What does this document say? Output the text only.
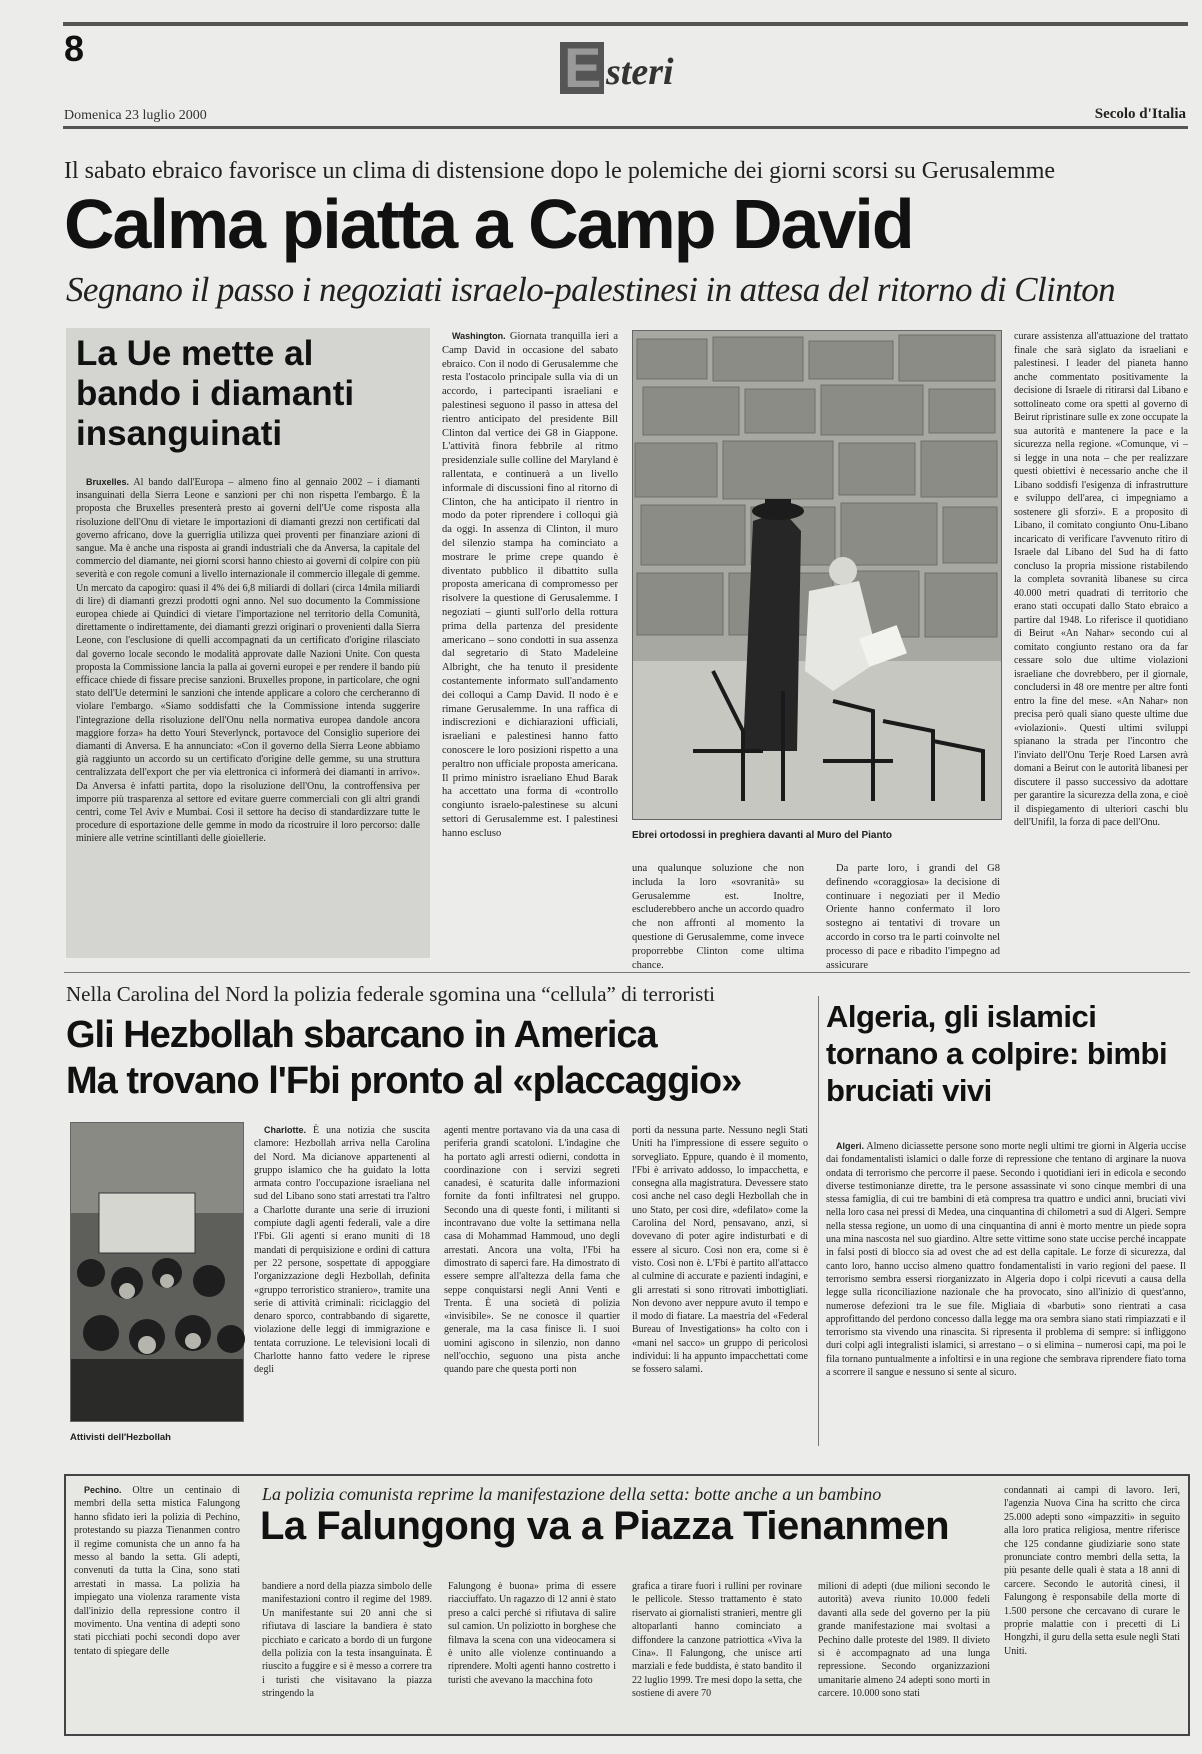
8	E steri
Domenica 23 luglio 2000	Secolo d'Italia
Il sabato ebraico favorisce un clima di distensione dopo le polemiche dei giorni scorsi su Gerusalemme
Calma piatta a Camp David
Segnano il passo i negoziati israelo-palestinesi in attesa del ritorno di Clinton
La Ue mette al bando i diamanti insanguinati

Bruxelles. Al bando dall'Europa – almeno fino al gennaio 2002 – i diamanti insanguinati della Sierra Leone e sanzioni per chi non rispetta l'embargo. È la proposta che Bruxelles presenterà presto ai governi dell'Ue come risposta alla risoluzione dell'Onu di vietare le importazioni di diamanti grezzi non certificati dal governo africano, dove la guerriglia utilizza quei proventi per finanziare azioni di sangue. Ma è anche una risposta ai grandi industriali che da Anversa, la capitale del commercio del diamante, nei giorni scorsi hanno chiesto ai governi di colpire con più severità e con regole comuni a livello internazionale il commercio illegale di gemme. Un mercato da capogiro: quasi il 4% dei 6,8 miliardi di dollari (circa 14mila miliardi di lire) di diamanti grezzi prodotti ogni anno. Nel suo documento la Commissione europea chiede ai Quindici di vietare l'importazione nel territorio della Comunità, direttamente o indirettamente, dei diamanti grezzi originari o provenienti dalla Sierra Leone, con l'esclusione di quelli accompagnati da un certificato d'origine rilasciato dal governo locale secondo le modalità approvate dalle Nazioni Unite. Con questa proposta la Commissione lancia la palla ai governi europei e per rendere il bando più efficace chiede di fissare precise sanzioni. Bruxelles propone, in particolare, che ogni stato dell'Ue determini le sanzioni che intende applicare a coloro che cercheranno di violare l'embargo. «Siamo soddisfatti che la Commissione intenda suggerire l'integrazione della risoluzione dell'Onu nella normativa europea dandole ancora maggiore forza» ha detto Youri Steverlynck, portavoce del Consiglio superiore dei diamanti di Anversa. E ha annunciato: «Con il governo della Sierra Leone abbiamo già raggiunto un accordo su un certificato d'origine delle gemme, su una struttura centralizzata dell'export che per via elettronica ci informerà dei diamanti in arrivo». Da Anversa è infatti partita, dopo la risoluzione dell'Onu, la controffensiva per imporre più trasparenza al settore ed evitare guerre commerciali con gli altri grandi centri, come Tel Aviv e Mumbai. Così il settore ha deciso di standardizzare tutte le procedure di esportazione delle gemme in modo da ricostruire il loro percorso: dalle miniere alle vetrine scintillanti delle gioiellerie.

Washington. Giornata tranquilla ieri a Camp David in occasione del sabato ebraico. Con il nodo di Gerusalemme che resta l'ostacolo principale sulla via di un accordo, i partecipanti israeliani e palestinesi seguono il passo in attesa del rientro anticipato del presidente Bill Clinton dal vertice dei G8 in Giappone. L'attività finora febbrile al ritmo presidenziale sulle colline del Maryland è rallentata, e continuerà a un livello informale di discussioni fino al ritorno di Clinton, che ha anticipato il rientro in modo da poter riprendere i colloqui già da oggi. In assenza di Clinton, il muro del silenzio stampa ha cominciato a mostrare le prime crepe quando è diventato pubblico il dibattito sulla proposta americana di compromesso per risolvere la questione di Gerusalemme. I negoziati – giunti sull'orlo della rottura prima della partenza del presidente americano – sono condotti in sua assenza dal segretario di Stato Madeleine Albright, che ha tenuto il presidente costantemente informato sull'andamento dei colloqui a Camp David. Il nodo è e rimane Gerusalemme. In una raffica di indiscrezioni e dichiarazioni ufficiali, israeliani e palestinesi hanno fatto conoscere le loro posizioni rispetto a una peraltro non ufficiale proposta americana. Il primo ministro israeliano Ehud Barak ha accettato una forma di «controllo congiunto israelo-palestinese su alcuni settori di Gerusalemme est. I palestinesi hanno escluso	Ebrei ortodossi in preghiera davanti al Muro del Pianto

una qualunque soluzione che non includa la loro «sovranità» su Gerusalemme est. Inoltre, escluderebbero anche un accordo quadro che non affronti al momento la questione di Gerusalemme, come invece proporrebbe Clinton come ultima chance.

Da parte loro, i grandi del G8 definendo «coraggiosa» la decisione di continuare i negoziati per il Medio Oriente hanno confermato il loro sostegno ai tentativi di trovare un accordo in corso tra le parti coinvolte nel processo di pace e ribadito l'impegno ad assicurare

curare assistenza all'attuazione del trattato finale che sarà siglato da israeliani e palestinesi. I leader del pianeta hanno anche commentato positivamente la decisione di Israele di ritirarsi dal Libano e sottolineato come ora spetti al governo di Beirut ripristinare sulle ex zone occupate la sua autorità e mantenere la pace e la sicurezza nella regione. «Comunque, vi – si legge in una nota – che per realizzare questi obiettivi è necessario anche che il Libano soddisfi l'esigenza di infrastrutture e sviluppo dell'area, ci impegniamo a sostenere gli sforzi». E a proposito di Libano, il comitato congiunto Onu-Libano incaricato di verificare l'avvenuto ritiro di Israele dal Libano del Sud ha di fatto concluso la propria missione ristabilendo la completa sovranità libanese su circa 40.000 metri quadrati di territorio che erano stati occupati dallo Stato ebraico a partire dal 1948. Lo riferisce il quotidiano di Beirut «An Nahar» secondo cui al comitato congiunto restano ora da far cessare solo due ultime violazioni israeliane che dovrebbero, per il giornale, concludersi in 48 ore mentre per altre fonti entro la fine del mese. «An Nahar» non precisa però quali siano queste ultime due «violazioni». Questi ultimi sviluppi spianano la strada per l'incontro che l'inviato dell'Onu Terje Roed Larsen avrà domani a Beirut con le autorità libanesi per discutere il passo successivo da adottare per garantire la sicurezza della zona, e cioè il dispiegamento di ulteriori caschi blu dell'Unifil, la forza di pace dell'Onu.

Nella Carolina del Nord la polizia federale sgomina una “cellula” di terroristi
Gli Hezbollah sbarcano in America
Ma trovano l'Fbi pronto al «placcaggio»
Attivisti dell'Hezbollah

Charlotte. È una notizia che suscita clamore: Hezbollah arriva nella Carolina del Nord. Ma dicianove appartenenti al gruppo islamico che ha guidato la lotta armata contro l'occupazione israeliana nel sud del Libano sono stati arrestati tra l'altro a Charlotte durante una serie di irruzioni compiute dagli agenti federali, vale a dire l'Fbi. Gli agenti si erano muniti di 18 mandati di perquisizione e ordini di cattura per 22 persone, sospettate di appoggiare l'organizzazione degli Hezbollah, definita «gruppo terroristico straniero», tramite una serie di attività criminali: riciclaggio del denaro sporco, contrabbando di sigarette, violazione delle leggi di immigrazione e tentata corruzione. Le televisioni locali di Charlotte hanno fatto vedere le riprese degli

agenti mentre portavano via da una casa di periferia grandi scatoloni. L'indagine che ha portato agli arresti odierni, condotta in coordinazione con i servizi segreti canadesi, è scaturita dalle informazioni fornite da fonti infiltratesi nel gruppo. Secondo una di queste fonti, i militanti si incontravano due volte la settimana nella casa di Mohammad Hammoud, uno degli arrestati. Ancora una volta, l'Fbi ha dimostrato di saperci fare. Ha dimostrato di essere sempre all'altezza della fama che seppe conquistarsi negli Anni Venti e Trenta. È una società di polizia «invisibile». Se ne conosce il quartier generale, ma la casa finisce lì. I suoi uomini agiscono in silenzio, non danno nell'occhio, seguono una pista anche quando pare che questa porti non

porti da nessuna parte. Nessuno negli Stati Uniti ha l'impressione di essere seguito o sorvegliato. Eppure, quando è il momento, l'Fbi è arrivato addosso, lo impacchetta, e consegna alla magistratura. Devessere stato così anche nel caso degli Hezbollah che in uno Stato, per così dire, «defilato» come la Carolina del Nord, pensavano, anzi, si dovevano di poter agire indisturbati e di essere al sicuro. Così non era, come si è visto. Così non è. L'Fbi è partito all'attacco al culmine di accurate e pazienti indagini, e gli arrestati si sono ritrovati imbottigliati. Non devono aver neppure avuto il tempo e il modo di fiatare. La maestria del «Federal Bureau of Investigations» ha colto con i «mani nel sacco» un gruppo di pericolosi individui: li ha appunto impacchettati come se fossero salami.

Algeria, gli islamici tornano a colpire: bimbi bruciati vivi

Algeri. Almeno diciassette persone sono morte negli ultimi tre giorni in Algeria uccise dai fondamentalisti islamici o dalle forze di repressione che tentano di arginare la nuova ondata di terrorismo che percorre il paese. Secondo i quotidiani ieri in edicola e secondo diverse testimonianze dirette, tra le persone assassinate vi sono cinque membri di una stessa famiglia, di cui tre bambini di età compresa tra quattro e undici anni, bruciati vivi nella loro casa nei pressi di Medea, una cinquantina di chilometri a sud di Algeri. Sempre nella stessa regione, un uomo di una cinquantina di anni è morto mentre un piede sopra una mina nascosta nel suo giardino. Altre sette vittime sono state uccise perché incappate in falsi posti di blocco sia ad ovest che ad est della capitale. Le forze di sicurezza, dal canto loro, hanno ucciso almeno quattro fondamentalisti in vario regioni del paese. Il terrorismo sembra essersi riorganizzato in Algeria dopo i colpi ricevuti a causa della legge sulla riconciliazione nazionale che ha provocato, sino all'inizio di quest'anno, numerose defezioni tra le sue file. Migliaia di «barbuti» sono rientrati a casa approfittando del perdono concesso dalla legge ma ora sembra siano stati rimpiazzati e il terrorismo sta vivendo una rinascita. Si ripresenta il problema di sempre: si infliggono duri colpi agli integralisti islamici, si arrestano – o si elimina – numerosi capi, ma poi le fila tornano puntualmente a infoltirsi e in una regione che sembrava riprendere fiato torna a scorrere il sangue e nessuno si sente al sicuro.

Pechino. Oltre un centinaio di membri della setta mistica Falungong hanno sfidato ieri la polizia di Pechino, protestando su piazza Tienanmen contro il regime comunista che un anno fa ha messo al bando la setta. Gli adepti, convenuti da tutta la Cina, sono stati arrestati in massa. La polizia ha impiegato una violenza raramente vista dall'inizio della repressione contro il movimento. Una ventina di adepti sono stati picchiati pochi secondi dopo aver tentato di spiegare delle

La polizia comunista reprime la manifestazione della setta: botte anche a un bambino
La Falungong va a Piazza Tienanmen

bandiere a nord della piazza simbolo delle manifestazioni contro il regime del 1989. Un manifestante sui 20 anni che si rifiutava di lasciare la bandiera è stato picchiato e caricato a bordo di un furgone della polizia con la testa insanguinata. È riuscito a fuggire e si è messo a correre tra i turisti che visitavano la piazza stringendo la

Falungong è buona» prima di essere riacciuffato. Un ragazzo di 12 anni è stato preso a calci perché si rifiutava di salire sul camion. Un poliziotto in borghese che filmava la scena con una videocamera si è unito alle violenze continuando a riprendere. Molti agenti hanno costretto i turisti che avevano la macchina foto

grafica a tirare fuori i rullini per rovinare le pellicole. Stesso trattamento è stato riservato ai giornalisti stranieri, mentre gli altoparlanti hanno cominciato a diffondere la canzone patriottica «Viva la Cina». Il Falungong, che unisce arti marziali e fede buddista, è stato bandito il 22 luglio 1999. Tre mesi dopo la setta, che sostiene di avere 70

milioni di adepti (due milioni secondo le autorità) aveva riunito 10.000 fedeli davanti alla sede del governo per la più grande manifestazione mai svoltasi a Pechino dalle proteste del 1989. Il divieto si è accompagnato ad una lunga repressione. Secondo organizzazioni umanitarie almeno 24 adepti sono morti in carcere. 10.000 sono stati

condannati ai campi di lavoro. Ieri, l'agenzia Nuova Cina ha scritto che circa 25.000 adepti sono «impazziti» in seguito alla loro pratica religiosa, mentre riferisce che 125 condanne giudiziarie sono state pronunciate contro membri della setta, la più pesante delle quali è stata a 18 anni di carcere. Secondo le autorità cinesi, il Falungong è responsabile della morte di 1.500 persone che cercavano di curare le proprie malattie con i precetti di Li Hongzhi, il guru della setta esule negli Stati Uniti.
